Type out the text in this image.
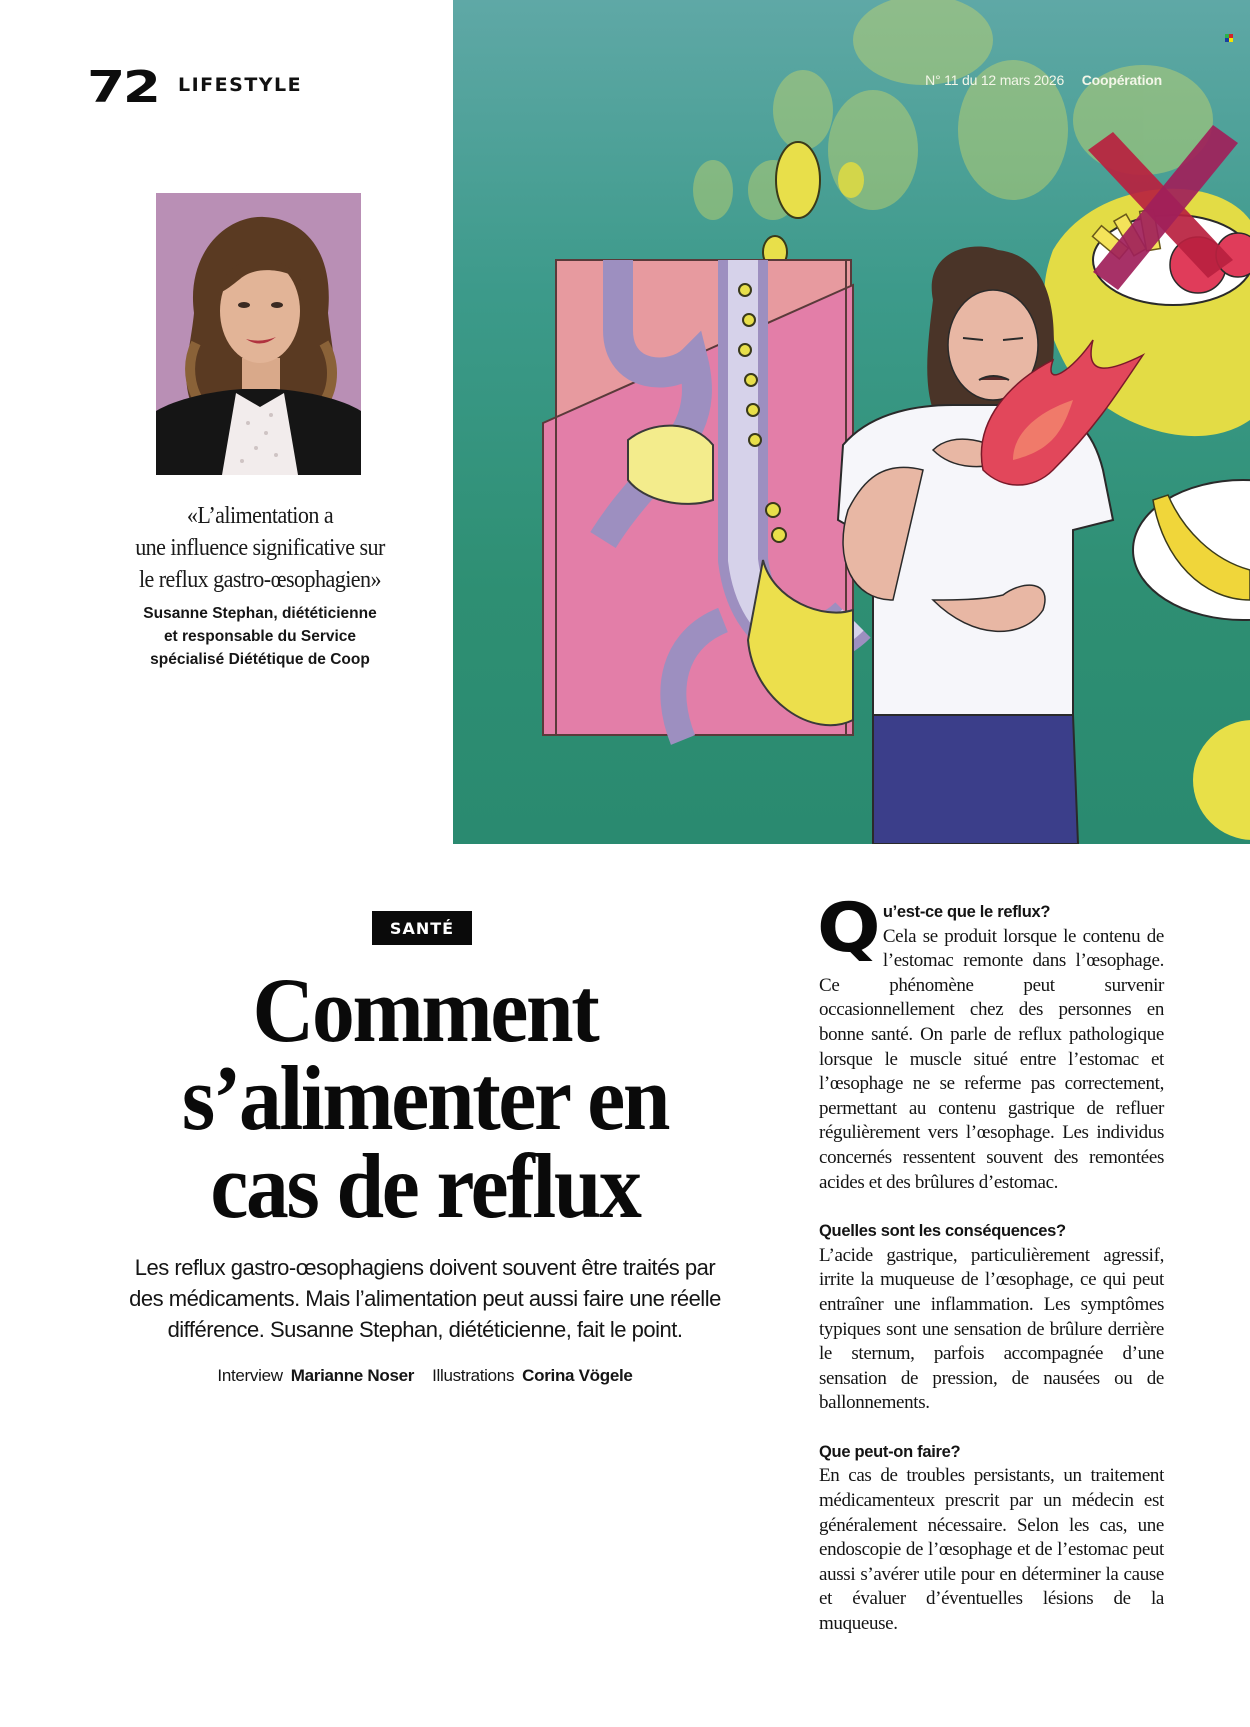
72 LIFESTYLE
«L’alimentation a
une influence significative sur
le reflux gastro-œsophagien»
Susanne Stephan, diététicienne
et responsable du Service
spécialisé Diététique de Coop
N° 11 du 12 mars 2026 Coopération
SANTÉ
Comment
s’alimenter en
cas de reflux
Les reflux gastro-œsophagiens doivent souvent être traités par
des médicaments. Mais l’alimentation peut aussi faire une réelle
différence. Susanne Stephan, diététicienne, fait le point.
Interview Marianne Noser Illustrations Corina Vögele
Q u’est-ce que le reflux?

Cela se produit lorsque le contenu de l’estomac remonte dans l’œsophage. Ce phénomène peut survenir occasionnellement chez des personnes en bonne santé. On parle de reflux pathologique lorsque le muscle situé entre l’estomac et l’œsophage ne se referme pas correctement, permettant au contenu gastrique de refluer régulièrement vers l’œsophage. Les individus concernés ressentent souvent des remontées acides et des brûlures d’estomac.

Quelles sont les conséquences?

L’acide gastrique, particulièrement agressif, irrite la muqueuse de l’œsophage, ce qui peut entraîner une inflammation. Les symptômes typiques sont une sensation de brûlure derrière le sternum, parfois accompagnée d’une sensation de pression, de nausées ou de ballonnements.

Que peut-on faire?

En cas de troubles persistants, un traitement médicamenteux prescrit par un médecin est généralement nécessaire. Selon les cas, une endoscopie de l’œsophage et de l’estomac peut aussi s’avérer utile pour en déterminer la cause et évaluer d’éventuelles lésions de la muqueuse.
